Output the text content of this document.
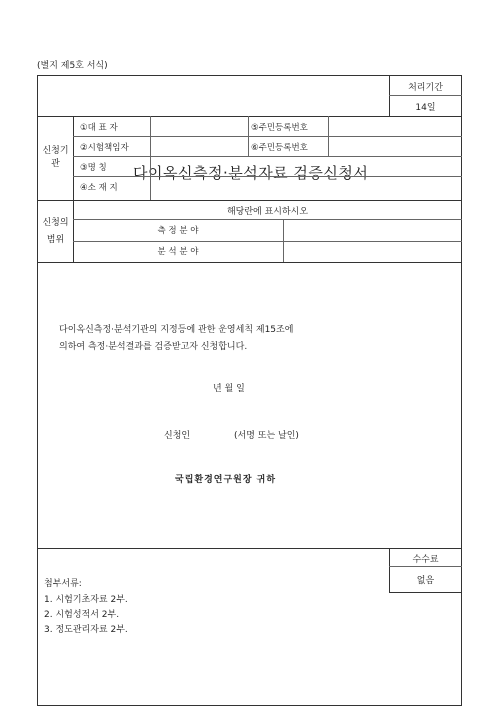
(별지 제5호 서식)
다이옥신측정·분석자료 검증신청서
처리기간
14일
신청기
관
①대 표 자	⑤주민등록번호
②시험책임자	⑥주민등록번호
③명 칭
④소 재 지
신청의
범위
해당란에 표시하시오
측 정 분 야
분 석 분 야
다이옥신측정·분석기관의 지정등에 관한 운영세칙 제15조에
의하여 측정·분석결과를 검증받고자 신청합니다.
년 월 일
신청인	(서명 또는 날인)
국립환경연구원장 귀하
수수료
없음
첨부서류:
1. 시험기초자료 2부.
2. 시험성적서 2부.
3. 정도관리자료 2부.
